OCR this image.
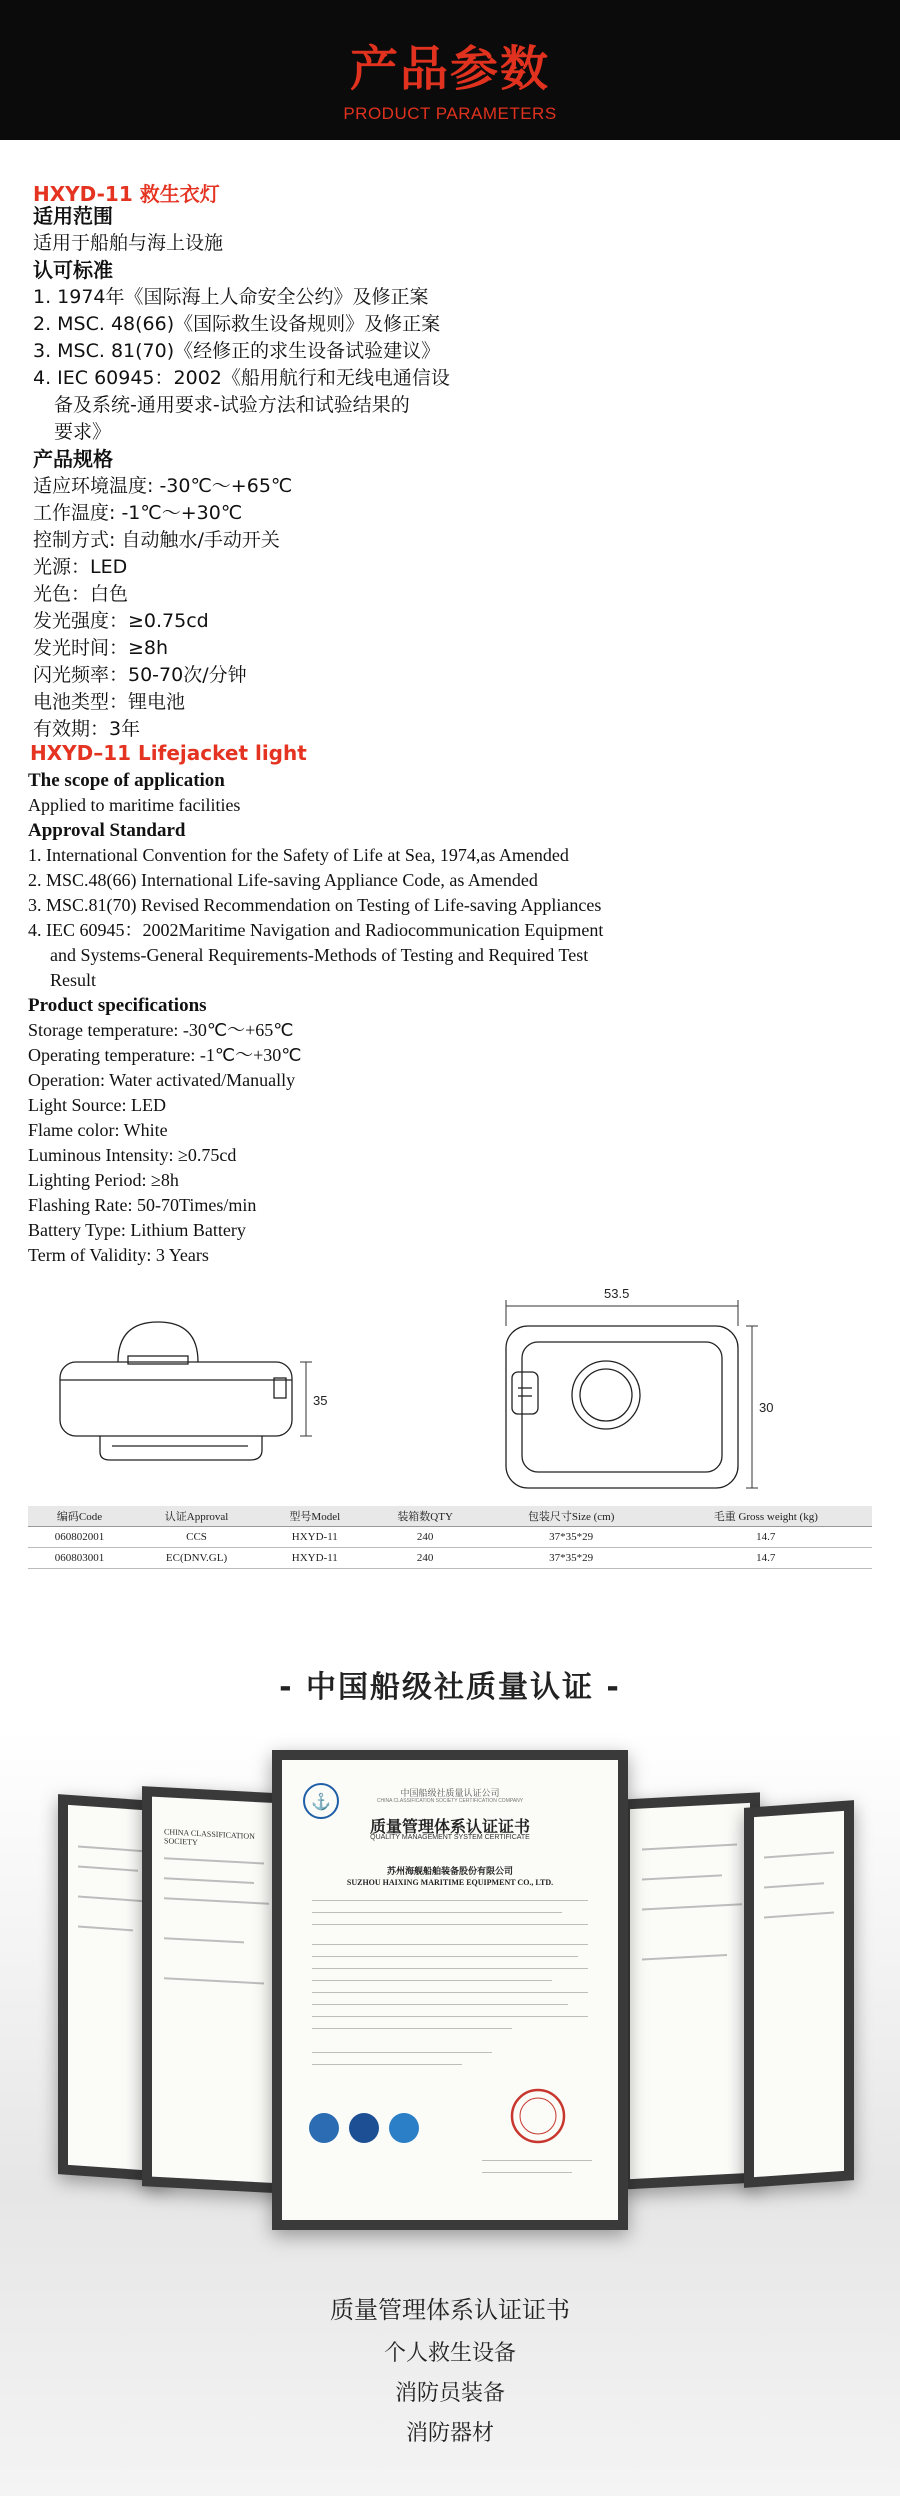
产品参数
PRODUCT PARAMETERS
HXYD-11 救生衣灯
适用范围
适用于船舶与海上设施
认可标准
1. 1974年《国际海上人命安全公约》及修正案
2. MSC. 48(66)《国际救生设备规则》及修正案
3. MSC. 81(70)《经修正的求生设备试验建议》
4. IEC 60945：2002《船用航行和无线电通信设
备及系统-通用要求-试验方法和试验结果的
要求》
产品规格
适应环境温度: -30℃～+65℃
工作温度: -1℃～+30℃
控制方式: 自动触水/手动开关
光源：LED
光色：白色
发光强度：≥0.75cd
发光时间：≥8h
闪光频率：50-70次/分钟
电池类型：锂电池
有效期：3年
HXYD–11 Lifejacket light
The scope of application
Applied to maritime facilities
Approval Standard
1. International Convention for the Safety of Life at Sea, 1974,as Amended
2. MSC.48(66) International Life-saving Appliance Code, as Amended
3. MSC.81(70) Revised Recommendation on Testing of Life-saving Appliances
4. IEC 60945：2002Maritime Navigation and Radiocommunication Equipment
and Systems-General Requirements-Methods of Testing and Required Test
Result
Product specifications
Storage temperature: -30℃～+65℃
Operating temperature: -1℃～+30℃
Operation: Water activated/Manually
Light Source: LED
Flame color: White
Luminous Intensity: ≥0.75cd
Lighting Period: ≥8h
Flashing Rate: 50-70Times/min
Battery Type: Lithium Battery
Term of Validity: 3 Years
35
53.5
30
编码Code	认证Approval	型号Model	装箱数QTY	包装尺寸Size (cm)	毛重 Gross weight (kg)
060802001	CCS	HXYD-11	240	37*35*29	14.7
060803001	EC(DNV.GL)	HXYD-11	240	37*35*29	14.7
- 中国船级社质量认证 -
CHINA CLASSIFICATION SOCIETY
⚓	中国船级社质量认证公司
CHINA CLASSIFICATION SOCIETY CERTIFICATION COMPANY
质量管理体系认证证书
QUALITY MANAGEMENT SYSTEM CERTIFICATE
苏州海舰船舶装备股份有限公司
SUZHOU HAIXING MARITIME EQUIPMENT CO., LTD.
质量管理体系认证证书
个人救生设备
消防员装备
消防器材
